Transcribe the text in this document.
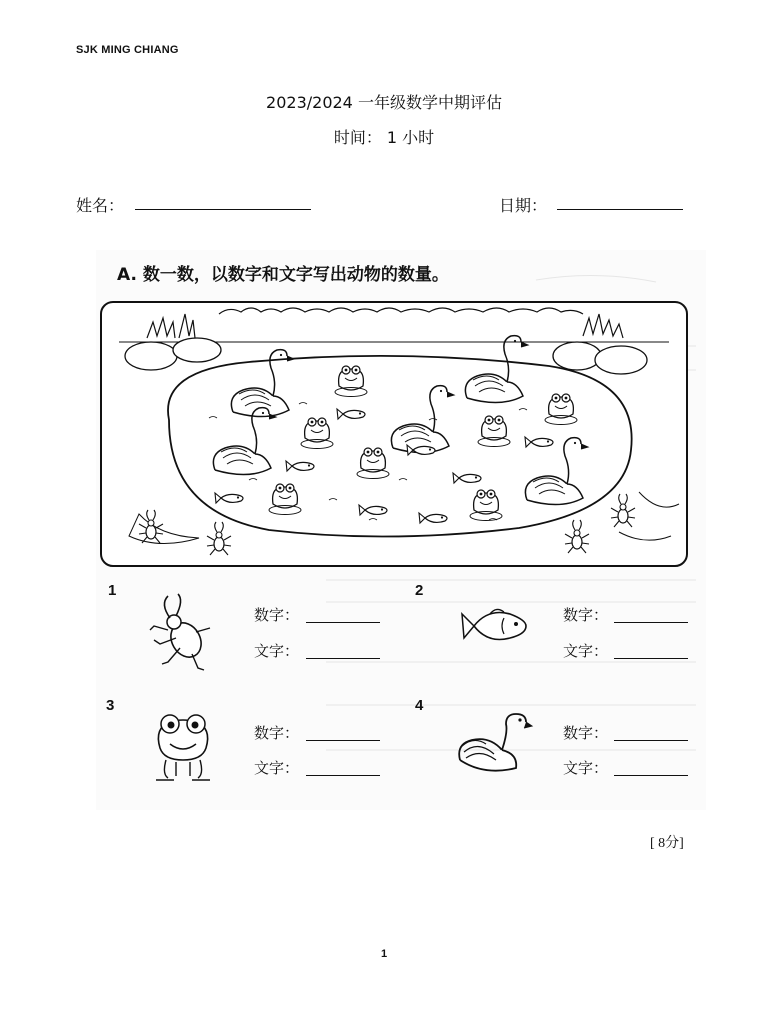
SJK MING CHIANG
2023/2024 一年级数学中期评估
时间： 1 小时
姓名：	日期：
A. 数一数，以数字和文字写出动物的数量。
1
数字：
文字：
2
数字：
文字：
3
数字：
文字：
4
数字：
文字：
[ 8分]
1
